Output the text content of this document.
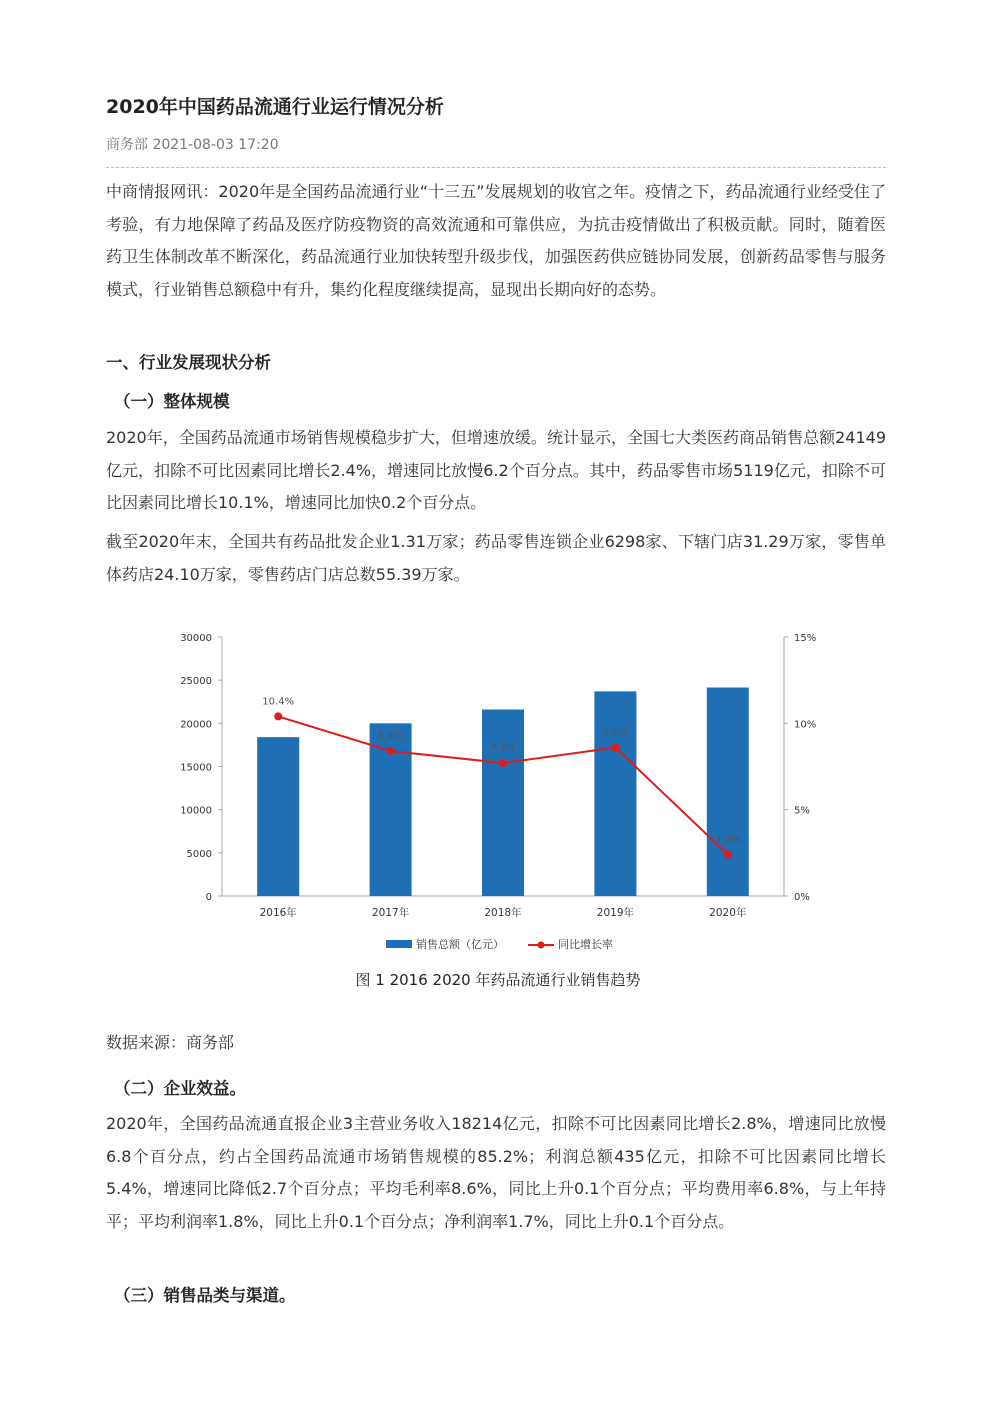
2020年中国药品流通行业运行情况分析
商务部 2021-08-03 17:20

中商情报网讯：2020年是全国药品流通行业“十三五”发展规划的收官之年。疫情之下，药品流通行业经受住了考验，有力地保障了药品及医疗防疫物资的高效流通和可靠供应，为抗击疫情做出了积极贡献。同时，随着医药卫生体制改革不断深化，药品流通行业加快转型升级步伐，加强医药供应链协同发展，创新药品零售与服务模式，行业销售总额稳中有升，集约化程度继续提高，显现出长期向好的态势。

一、行业发展现状分析
（一）整体规模

2020年，全国药品流通市场销售规模稳步扩大，但增速放缓。统计显示，全国七大类医药商品销售总额24149亿元，扣除不可比因素同比增长2.4%，增速同比放慢6.2个百分点。其中，药品零售市场5119亿元，扣除不可比因素同比增长10.1%，增速同比加快0.2个百分点。

截至2020年末，全国共有药品批发企业1.31万家；药品零售连锁企业6298家、下辖门店31.29万家，零售单体药店24.10万家，零售药店门店总数55.39万家。

数据来源：商务部
（二）企业效益。

2020年，全国药品流通直报企业3主营业务收入18214亿元，扣除不可比因素同比增长2.8%，增速同比放慢6.8个百分点，约占全国药品流通市场销售规模的85.2%；利润总额435亿元，扣除不可比因素同比增长5.4%，增速同比降低2.7个百分点；平均毛利率8.6%，同比上升0.1个百分点；平均费用率6.8%，与上年持平；平均利润率1.8%，同比上升0.1个百分点；净利润率1.7%，同比上升0.1个百分点。

（三）销售品类与渠道。
10.4%
8.4%
7.7%
8.6%
2.4%
0
5000
10000
15000
20000
25000
30000
0%
5%
10%
15%
2016年	2017年	2018年	2019年	2020年
销售总额（亿元）	同比增长率
图 1 2016 2020 年药品流通行业销售趋势
